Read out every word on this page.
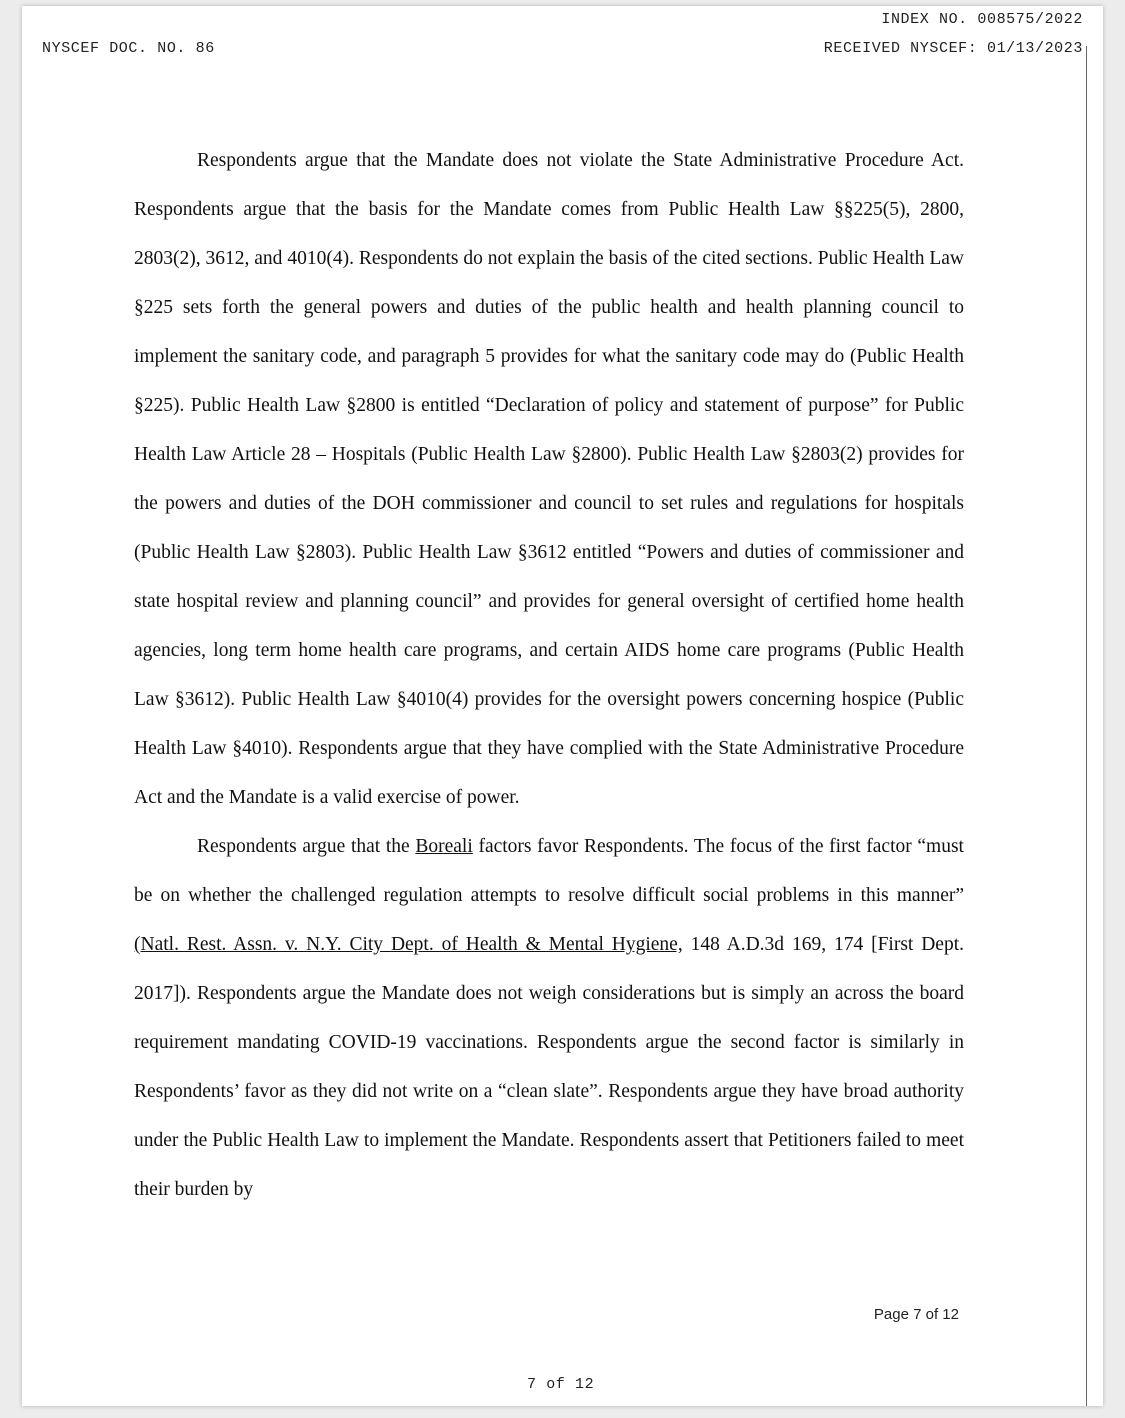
INDEX NO. 008575/2022
NYSCEF DOC. NO. 86	RECEIVED NYSCEF: 01/13/2023

Respondents argue that the Mandate does not violate the State Administrative Procedure Act. Respondents argue that the basis for the Mandate comes from Public Health Law §§225(5), 2800, 2803(2), 3612, and 4010(4). Respondents do not explain the basis of the cited sections. Public Health Law §225 sets forth the general powers and duties of the public health and health planning council to implement the sanitary code, and paragraph 5 provides for what the sanitary code may do (Public Health §225). Public Health Law §2800 is entitled “Declaration of policy and statement of purpose” for Public Health Law Article 28 – Hospitals (Public Health Law §2800). Public Health Law §2803(2) provides for the powers and duties of the DOH commissioner and council to set rules and regulations for hospitals (Public Health Law §2803). Public Health Law §3612 entitled “Powers and duties of commissioner and state hospital review and planning council” and provides for general oversight of certified home health agencies, long term home health care programs, and certain AIDS home care programs (Public Health Law §3612). Public Health Law §4010(4) provides for the oversight powers concerning hospice (Public Health Law §4010). Respondents argue that they have complied with the State Administrative Procedure Act and the Mandate is a valid exercise of power.

Respondents argue that the Boreali factors favor Respondents. The focus of the first factor “must be on whether the challenged regulation attempts to resolve difficult social problems in this manner” (Natl. Rest. Assn. v. N.Y. City Dept. of Health & Mental Hygiene, 148 A.D.3d 169, 174 [First Dept. 2017]). Respondents argue the Mandate does not weigh considerations but is simply an across the board requirement mandating COVID-19 vaccinations. Respondents argue the second factor is similarly in Respondents’ favor as they did not write on a “clean slate”. Respondents argue they have broad authority under the Public Health Law to implement the Mandate. Respondents assert that Petitioners failed to meet their burden by

Page 7 of 12
7 of 12
